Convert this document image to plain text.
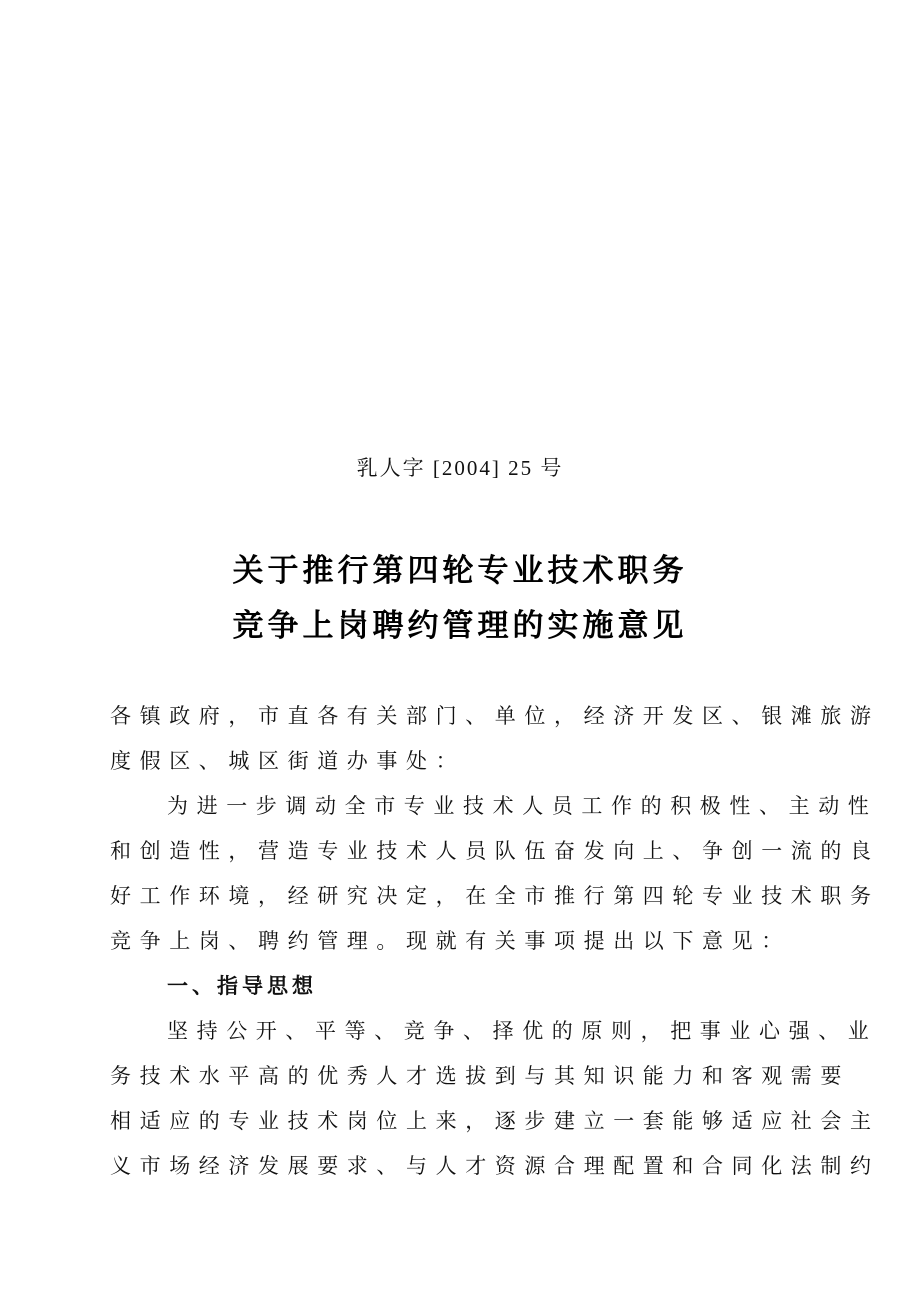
乳人字 [2004] 25 号
关于推行第四轮专业技术职务
竞争上岗聘约管理的实施意见
各镇政府，市直各有关部门、单位，经济开发区、银滩旅游
度假区、城区街道办事处：
为进一步调动全市专业技术人员工作的积极性、主动性
和创造性，营造专业技术人员队伍奋发向上、争创一流的良
好工作环境，经研究决定，在全市推行第四轮专业技术职务
竞争上岗、聘约管理。现就有关事项提出以下意见：
一、指导思想
坚持公开、平等、竞争、择优的原则，把事业心强、业
务技术水平高的优秀人才选拔到与其知识能力和客观需要
相适应的专业技术岗位上来，逐步建立一套能够适应社会主
义市场经济发展要求、与人才资源合理配置和合同化法制约
